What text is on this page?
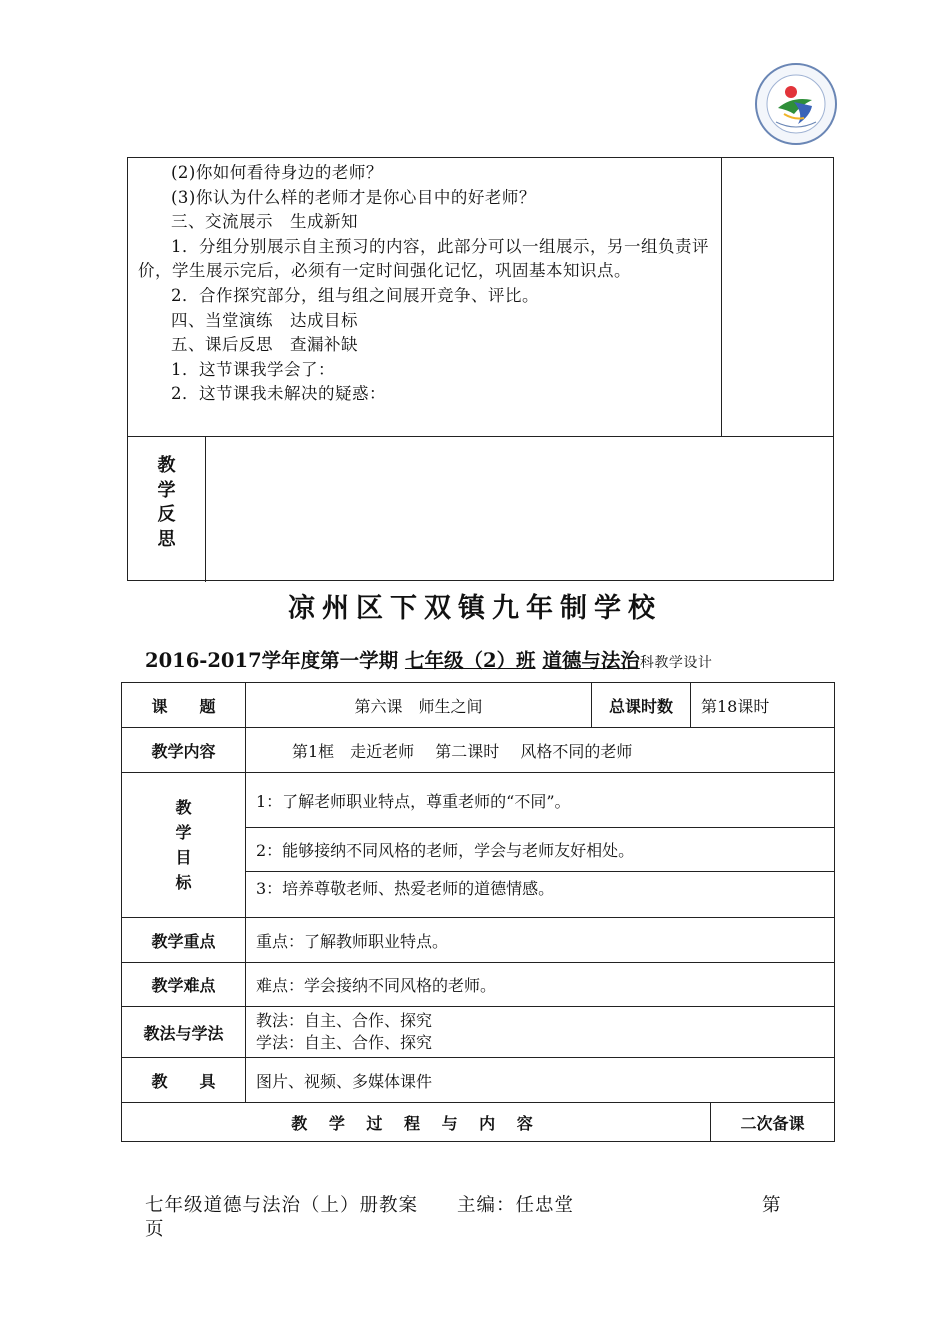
(2)你如何看待身边的老师？

(3)你认为什么样的老师才是你心目中的好老师？

三、交流展示　生成新知

1．分组分别展示自主预习的内容，此部分可以一组展示，另一组负责评价，学生展示完后，必须有一定时间强化记忆，巩固基本知识点。

2．合作探究部分，组与组之间展开竞争、评比。

四、当堂演练　达成目标

五、课后反思　查漏补缺

1．这节课我学会了：

2．这节课我未解决的疑惑：

教
学
反
思
凉州区下双镇九年制学校
2016-2017学年度第一学期 七年级（2）班 道德与法治科教学设计
课　　题	第六课　师生之间	总课时数	第18课时	
教学内容	第1框　走近老师　 第二课时　 风格不同的老师			

教
学
目
标	1：了解老师职业特点，尊重老师的“不同”。			
	2：能够接纳不同风格的老师，学会与老师友好相处。			
	3：培养尊敬老师、热爱老师的道德情感。			
教学重点	重点：了解教师职业特点。			
教学难点	难点：学会接纳不同风格的老师。			
教法与学法	教法：自主、合作、探究
学法：自主、合作、探究			

教　　具	图片、视频、多媒体课件			
教 学 过 程 与 内 容				二次备课
七年级道德与法治（上）册教案　　主编：任忠堂
页
第
